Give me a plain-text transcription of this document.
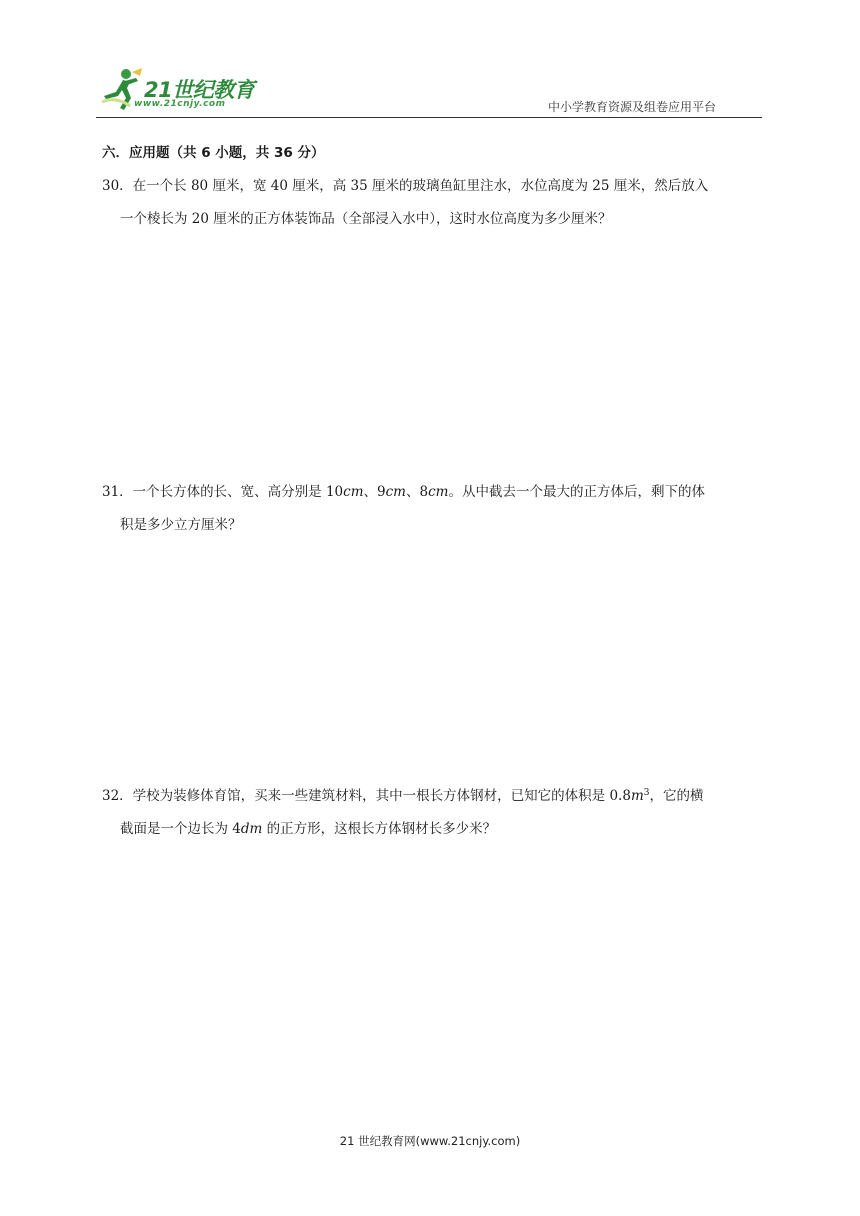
21世纪教育
www.21cnjy.com	中小学教育资源及组卷应用平台
六．应用题（共 6 小题，共 36 分）
30．在一个长 80 厘米，宽 40 厘米，高 35 厘米的玻璃鱼缸里注水，水位高度为 25 厘米，然后放入
一个棱长为 20 厘米的正方体装饰品（全部浸入水中），这时水位高度为多少厘米？
31．一个长方体的长、宽、高分别是 10cm、9cm、8cm。从中截去一个最大的正方体后，剩下的体
积是多少立方厘米？
32．学校为装修体育馆，买来一些建筑材料，其中一根长方体钢材，已知它的体积是 $0.8m^3$，它的横
截面是一个边长为 4dm 的正方形，这根长方体钢材长多少米？
21 世纪教育网(www.21cnjy.com)
